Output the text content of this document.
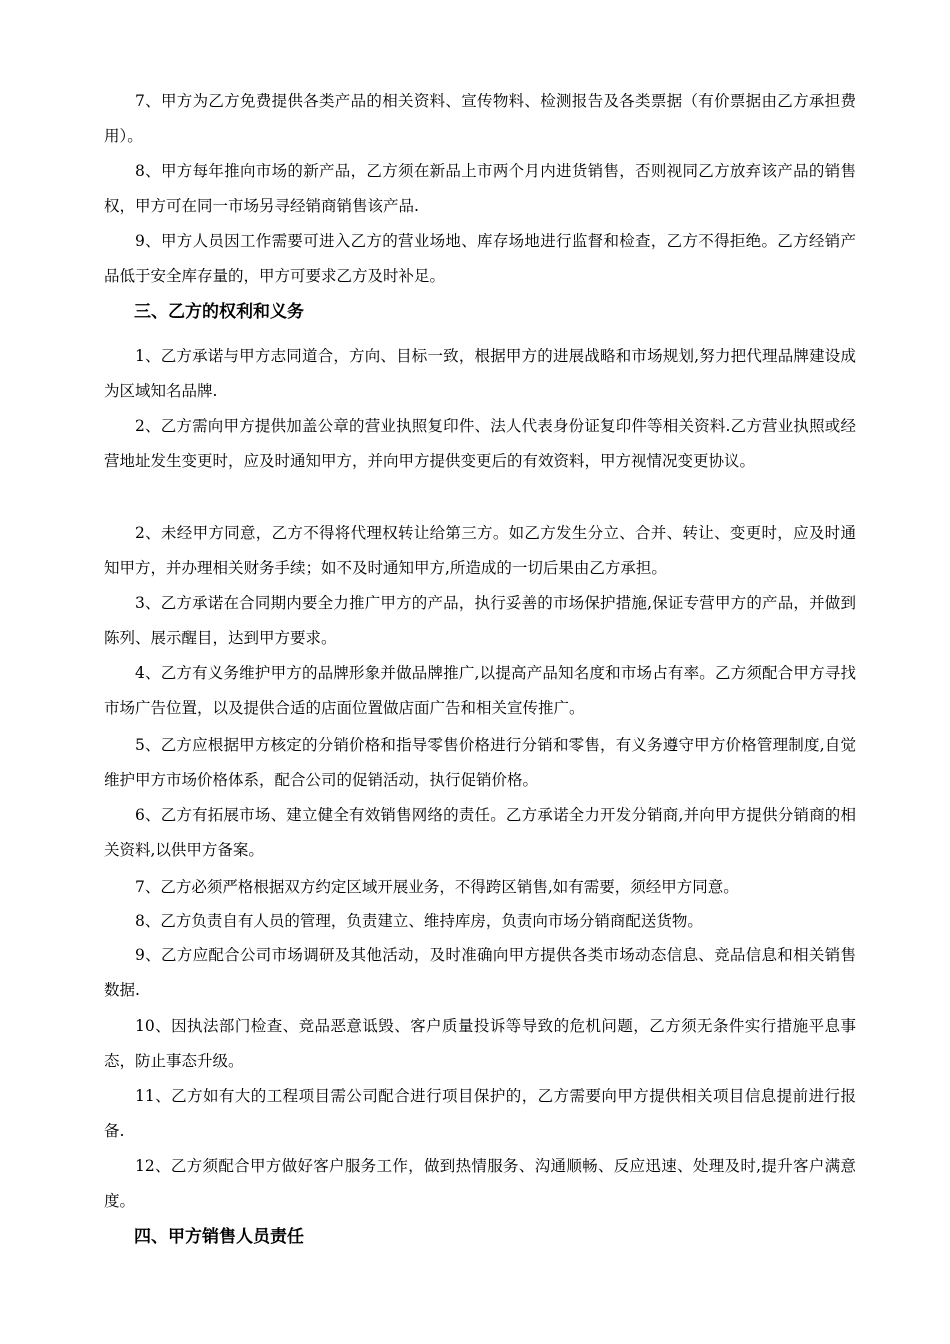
7、甲方为乙方免费提供各类产品的相关资料、宣传物料、检测报告及各类票据（有价票据由乙方承担费用）。

8、甲方每年推向市场的新产品，乙方须在新品上市两个月内进货销售，否则视同乙方放弃该产品的销售权，甲方可在同一市场另寻经销商销售该产品.

9、甲方人员因工作需要可进入乙方的营业场地、库存场地进行监督和检查，乙方不得拒绝。乙方经销产品低于安全库存量的，甲方可要求乙方及时补足。

三、乙方的权利和义务

1、乙方承诺与甲方志同道合，方向、目标一致，根据甲方的进展战略和市场规划,努力把代理品牌建设成为区域知名品牌.

2、乙方需向甲方提供加盖公章的营业执照复印件、法人代表身份证复印件等相关资料.乙方营业执照或经营地址发生变更时，应及时通知甲方，并向甲方提供变更后的有效资料，甲方视情况变更协议。

2、未经甲方同意，乙方不得将代理权转让给第三方。如乙方发生分立、合并、转让、变更时，应及时通知甲方，并办理相关财务手续；如不及时通知甲方,所造成的一切后果由乙方承担。

3、乙方承诺在合同期内要全力推广甲方的产品，执行妥善的市场保护措施,保证专营甲方的产品，并做到陈列、展示醒目，达到甲方要求。

4、乙方有义务维护甲方的品牌形象并做品牌推广,以提高产品知名度和市场占有率。乙方须配合甲方寻找市场广告位置，以及提供合适的店面位置做店面广告和相关宣传推广。

5、乙方应根据甲方核定的分销价格和指导零售价格进行分销和零售，有义务遵守甲方价格管理制度,自觉维护甲方市场价格体系，配合公司的促销活动，执行促销价格。

6、乙方有拓展市场、建立健全有效销售网络的责任。乙方承诺全力开发分销商,并向甲方提供分销商的相关资料,以供甲方备案。

7、乙方必须严格根据双方约定区域开展业务，不得跨区销售,如有需要，须经甲方同意。

8、乙方负责自有人员的管理，负责建立、维持库房，负责向市场分销商配送货物。

9、乙方应配合公司市场调研及其他活动，及时准确向甲方提供各类市场动态信息、竞品信息和相关销售数据.

10、因执法部门检查、竞品恶意诋毁、客户质量投诉等导致的危机问题，乙方须无条件实行措施平息事态，防止事态升级。

11、乙方如有大的工程项目需公司配合进行项目保护的，乙方需要向甲方提供相关项目信息提前进行报备.

12、乙方须配合甲方做好客户服务工作，做到热情服务、沟通顺畅、反应迅速、处理及时,提升客户满意度。

四、甲方销售人员责任
